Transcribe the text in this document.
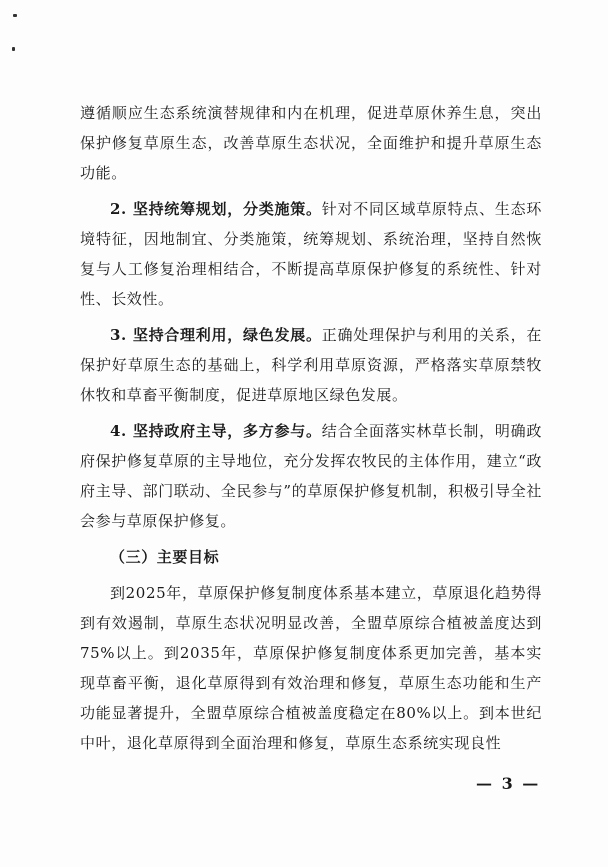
遵循顺应生态系统演替规律和内在机理，促进草原休养生息，突出保护修复草原生态，改善草原生态状况，全面维护和提升草原生态功能。

2. 坚持统筹规划，分类施策。针对不同区域草原特点、生态环境特征，因地制宜、分类施策，统筹规划、系统治理，坚持自然恢复与人工修复治理相结合，不断提高草原保护修复的系统性、针对性、长效性。

3. 坚持合理利用，绿色发展。正确处理保护与利用的关系，在保护好草原生态的基础上，科学利用草原资源，严格落实草原禁牧休牧和草畜平衡制度，促进草原地区绿色发展。

4. 坚持政府主导，多方参与。结合全面落实林草长制，明确政府保护修复草原的主导地位，充分发挥农牧民的主体作用，建立“政府主导、部门联动、全民参与”的草原保护修复机制，积极引导全社会参与草原保护修复。

（三）主要目标

到2025年，草原保护修复制度体系基本建立，草原退化趋势得到有效遏制，草原生态状况明显改善，全盟草原综合植被盖度达到75%以上。到2035年，草原保护修复制度体系更加完善，基本实现草畜平衡，退化草原得到有效治理和修复，草原生态功能和生产功能显著提升，全盟草原综合植被盖度稳定在80%以上。到本世纪中叶，退化草原得到全面治理和修复，草原生态系统实现良性

— 3 —
